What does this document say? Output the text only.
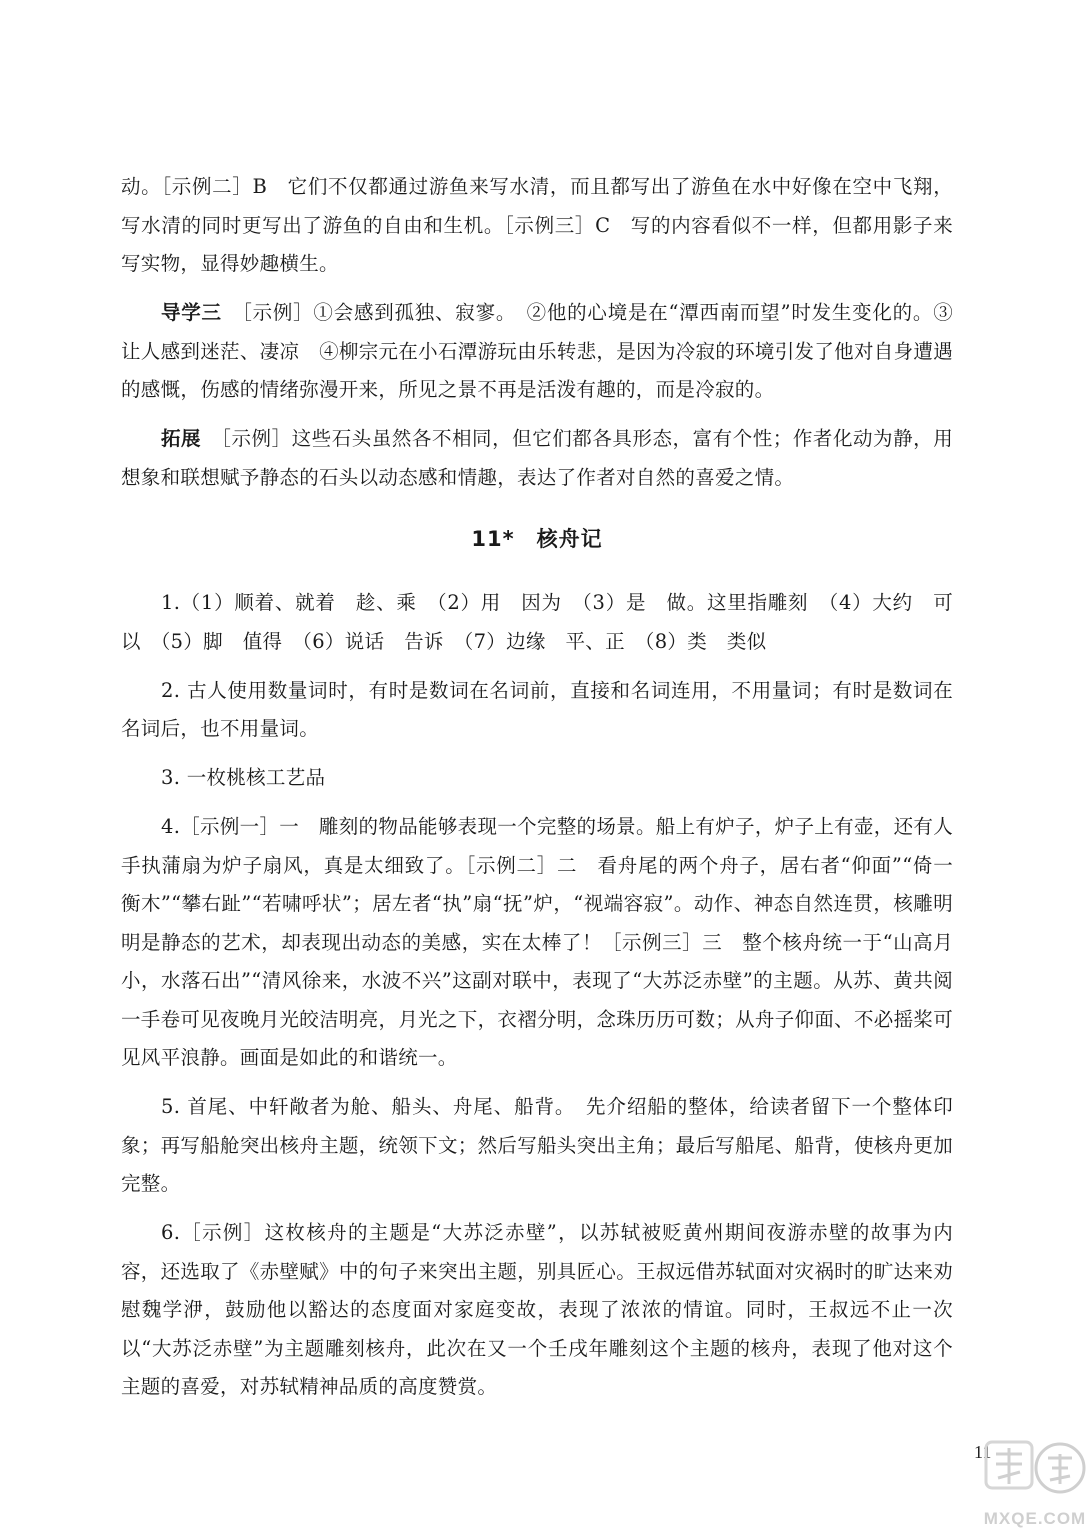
动。［示例二］B　它们不仅都通过游鱼来写水清，而且都写出了游鱼在水中好像在空中飞翔，写水清的同时更写出了游鱼的自由和生机。［示例三］C　写的内容看似不一样，但都用影子来写实物，显得妙趣横生。

导学三　 ［示例］①会感到孤独、寂寥。　②他的心境是在“潭西南而望”时发生变化的。③让人感到迷茫、凄凉　④柳宗元在小石潭游玩由乐转悲，是因为冷寂的环境引发了他对自身遭遇的感慨，伤感的情绪弥漫开来，所见之景不再是活泼有趣的，而是冷寂的。

拓展　 ［示例］这些石头虽然各不相同，但它们都各具形态，富有个性；作者化动为静，用想象和联想赋予静态的石头以动态感和情趣，表达了作者对自然的喜爱之情。

11*　核舟记

1.（1）顺着、就着　趁、乘　（2）用　因为　（3）是　做。这里指雕刻　（4）大约　可以　（5）脚　值得　（6）说话　告诉　（7）边缘　平、正　（8）类　类似

2. 古人使用数量词时，有时是数词在名词前，直接和名词连用，不用量词；有时是数词在名词后，也不用量词。

3. 一枚桃核工艺品

4.［示例一］一　雕刻的物品能够表现一个完整的场景。船上有炉子，炉子上有壶，还有人手执蒲扇为炉子扇风，真是太细致了。［示例二］二　看舟尾的两个舟子，居右者“仰面”“倚一衡木”“攀右趾”“若啸呼状”；居左者“执”扇“抚”炉，“视端容寂”。动作、神态自然连贯，核雕明明是静态的艺术，却表现出动态的美感，实在太棒了！［示例三］三　整个核舟统一于“山高月小，水落石出”“清风徐来，水波不兴”这副对联中，表现了“大苏泛赤壁”的主题。从苏、黄共阅一手卷可见夜晚月光皎洁明亮，月光之下，衣褶分明，念珠历历可数；从舟子仰面、不必摇桨可见风平浪静。画面是如此的和谐统一。

5. 首尾、中轩敞者为舱、船头、舟尾、船背。　先介绍船的整体，给读者留下一个整体印象；再写船舱突出核舟主题，统领下文；然后写船头突出主角；最后写船尾、船背，使核舟更加完整。

6.［示例］这枚核舟的主题是“大苏泛赤壁”，以苏轼被贬黄州期间夜游赤壁的故事为内容，还选取了《赤壁赋》中的句子来突出主题，别具匠心。王叔远借苏轼面对灾祸时的旷达来劝慰魏学洢，鼓励他以豁达的态度面对家庭变故，表现了浓浓的情谊。同时，王叔远不止一次以“大苏泛赤壁”为主题雕刻核舟，此次在又一个壬戌年雕刻这个主题的核舟，表现了他对这个主题的喜爱，对苏轼精神品质的高度赞赏。

11
MXQE.COM
